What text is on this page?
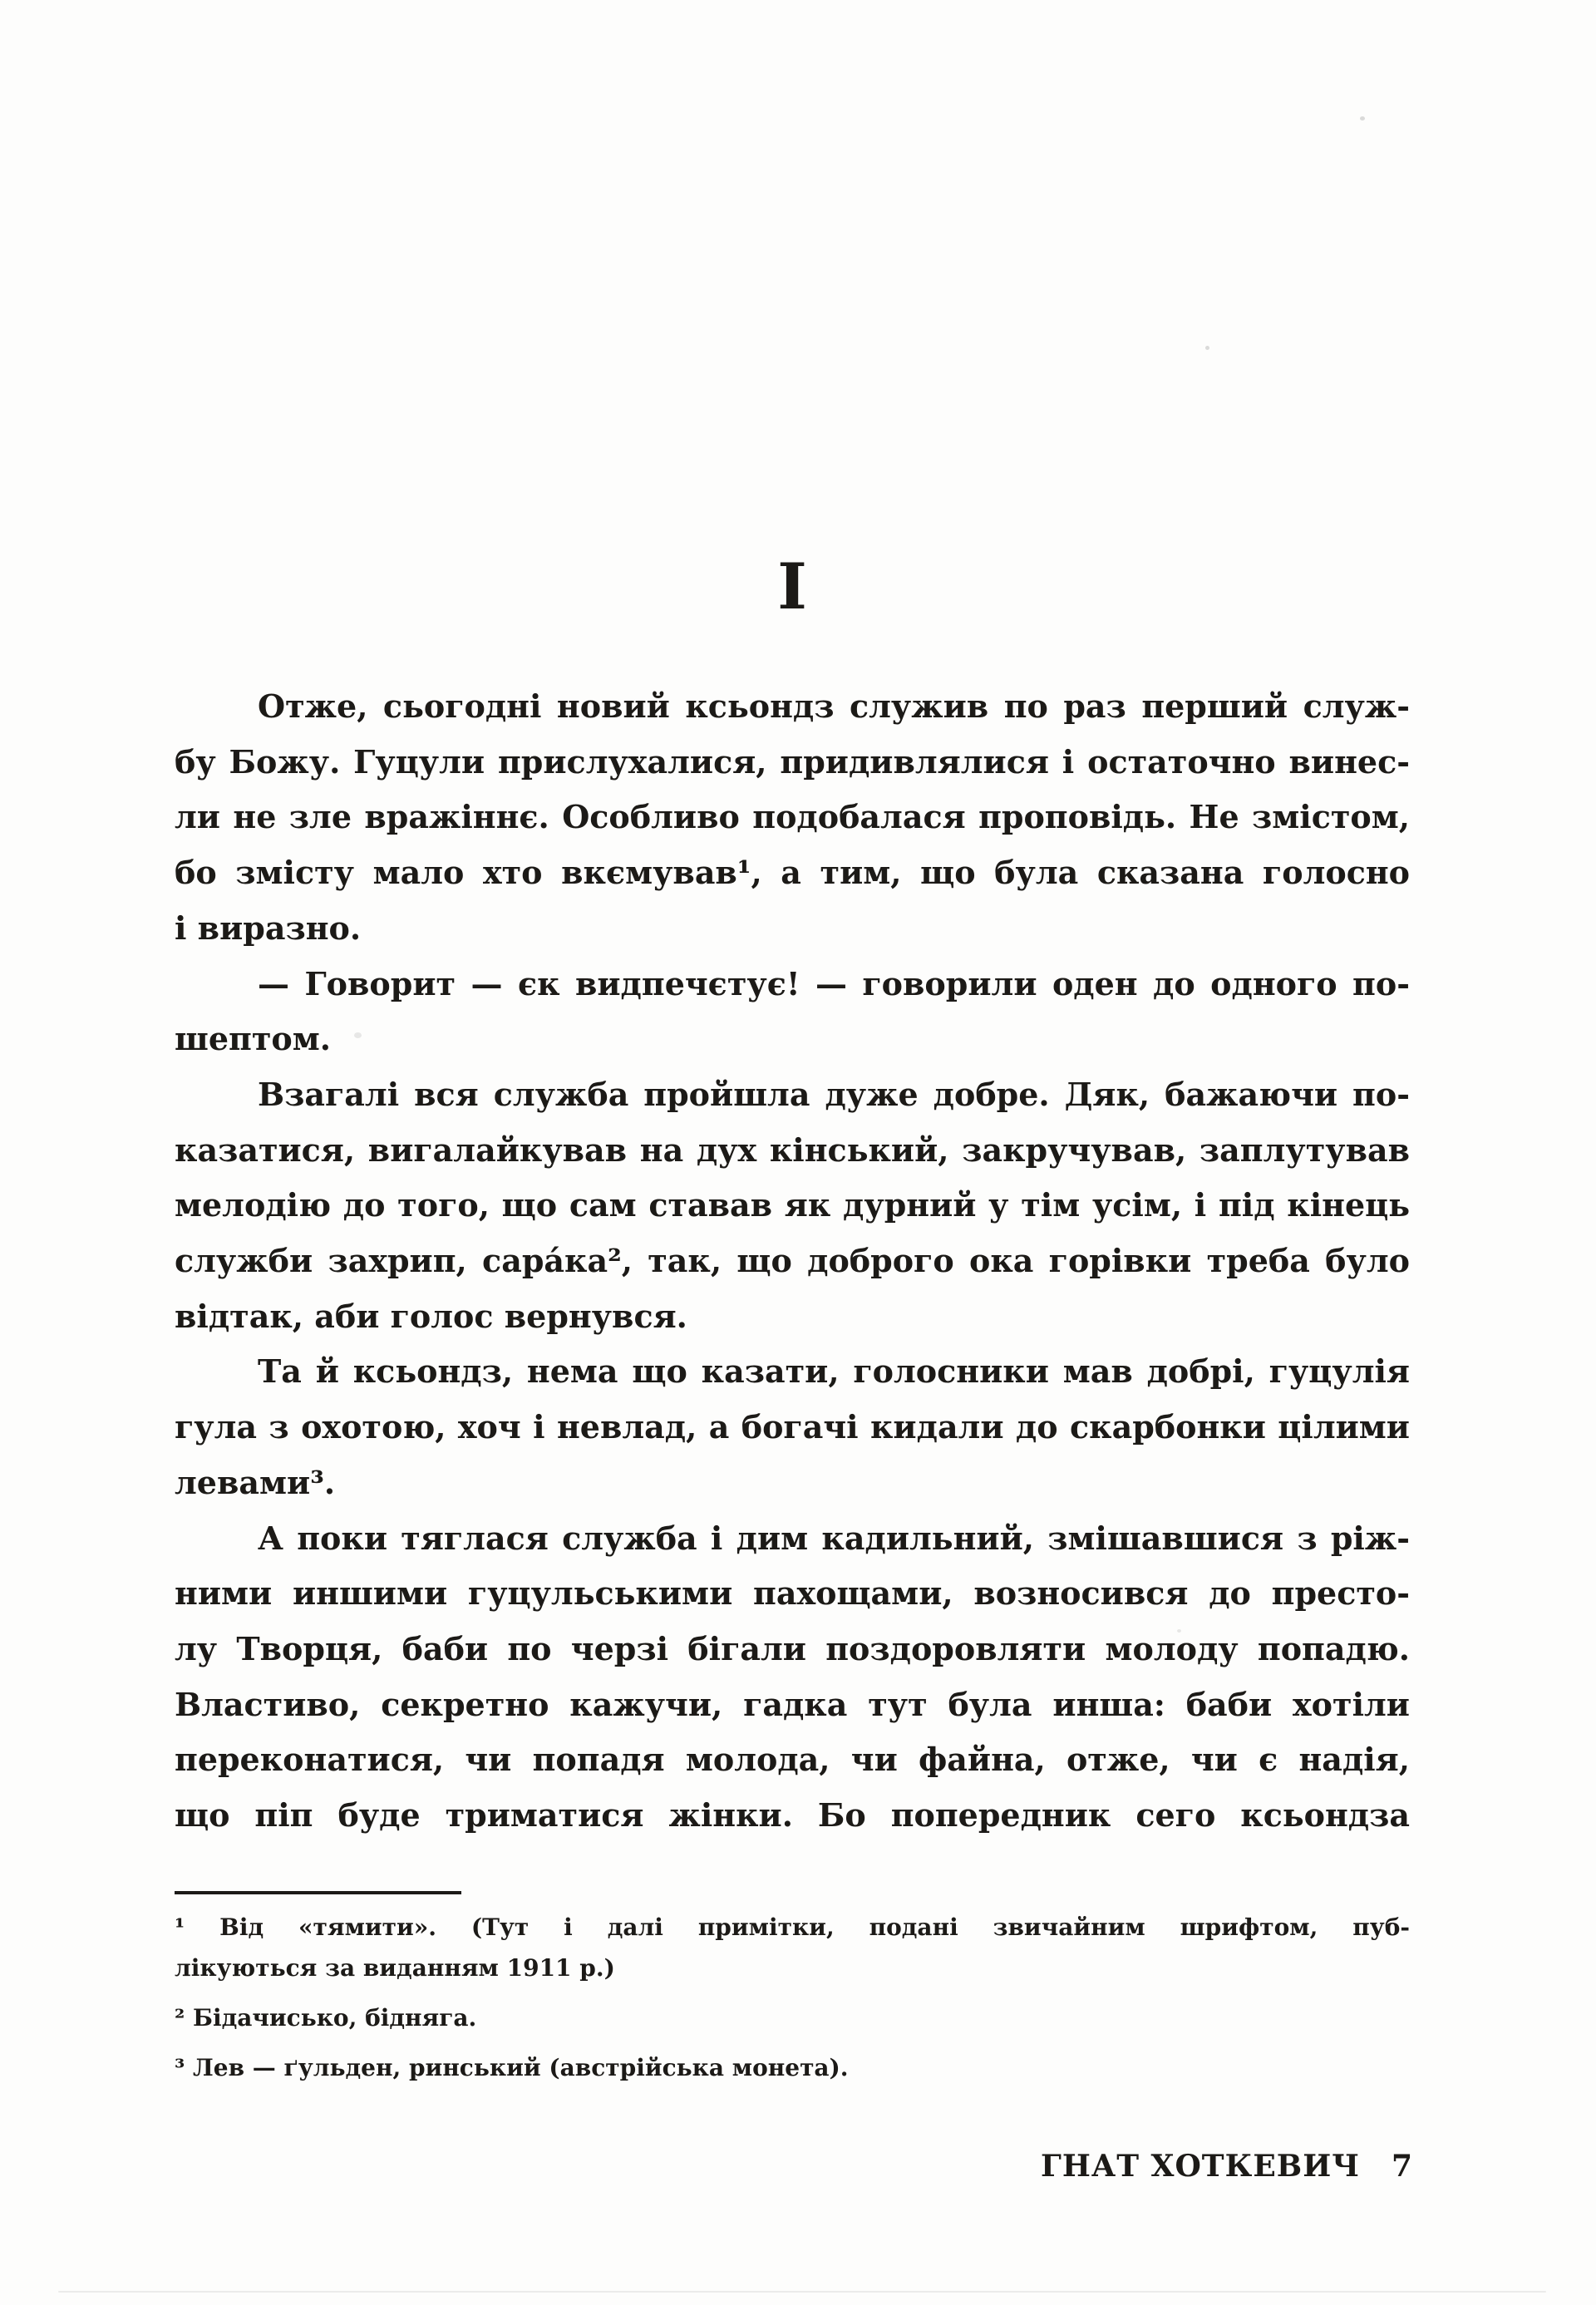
I
Отже, сьогодні новий ксьондз служив по раз перший служ-
бу Божу. Гуцули прислухалися, придивлялися і остаточно винес-
ли не зле вражіннє. Особливо подобалася проповідь. Не змістом,
бо змісту мало хто вкємував¹, а тим, що була сказана голосно
і виразно.
— Говорит — єк видпечєтує! — говорили оден до одного по-
шептом.
Взагалі вся служба пройшла дуже добре. Дяк, бажаючи по-
казатися, вигалайкував на дух кінський, закручував, заплутував
мелодію до того, що сам ставав як дурний у тім усім, і під кінець
служби захрип, сара́ка², так, що доброго ока горівки треба було
відтак, аби голос вернувся.
Та й ксьондз, нема що казати, голосники мав добрі, гуцулія
гула з охотою, хоч і невлад, а богачі кидали до скарбонки цілими
левами³.
А поки тяглася служба і дим кадильний, змішавшися з ріж-
ними иншими гуцульськими пахощами, возносився до престо-
лу Творця, баби по черзі бігали поздоровляти молоду попадю.
Властиво, секретно кажучи, гадка тут була инша: баби хотіли
переконатися, чи попадя молода, чи файна, отже, чи є надія,
що піп буде триматися жінки. Бо попередник сего ксьондза
¹ Від «тямити». (Тут і далі примітки, подані звичайним шрифтом, пуб-
лікуються за виданням 1911 р.)
² Бідачисько, бідняга.
³ Лев — ґульден, ринський (австрійська монета).
ГНАТ ХОТКЕВИЧ 7
